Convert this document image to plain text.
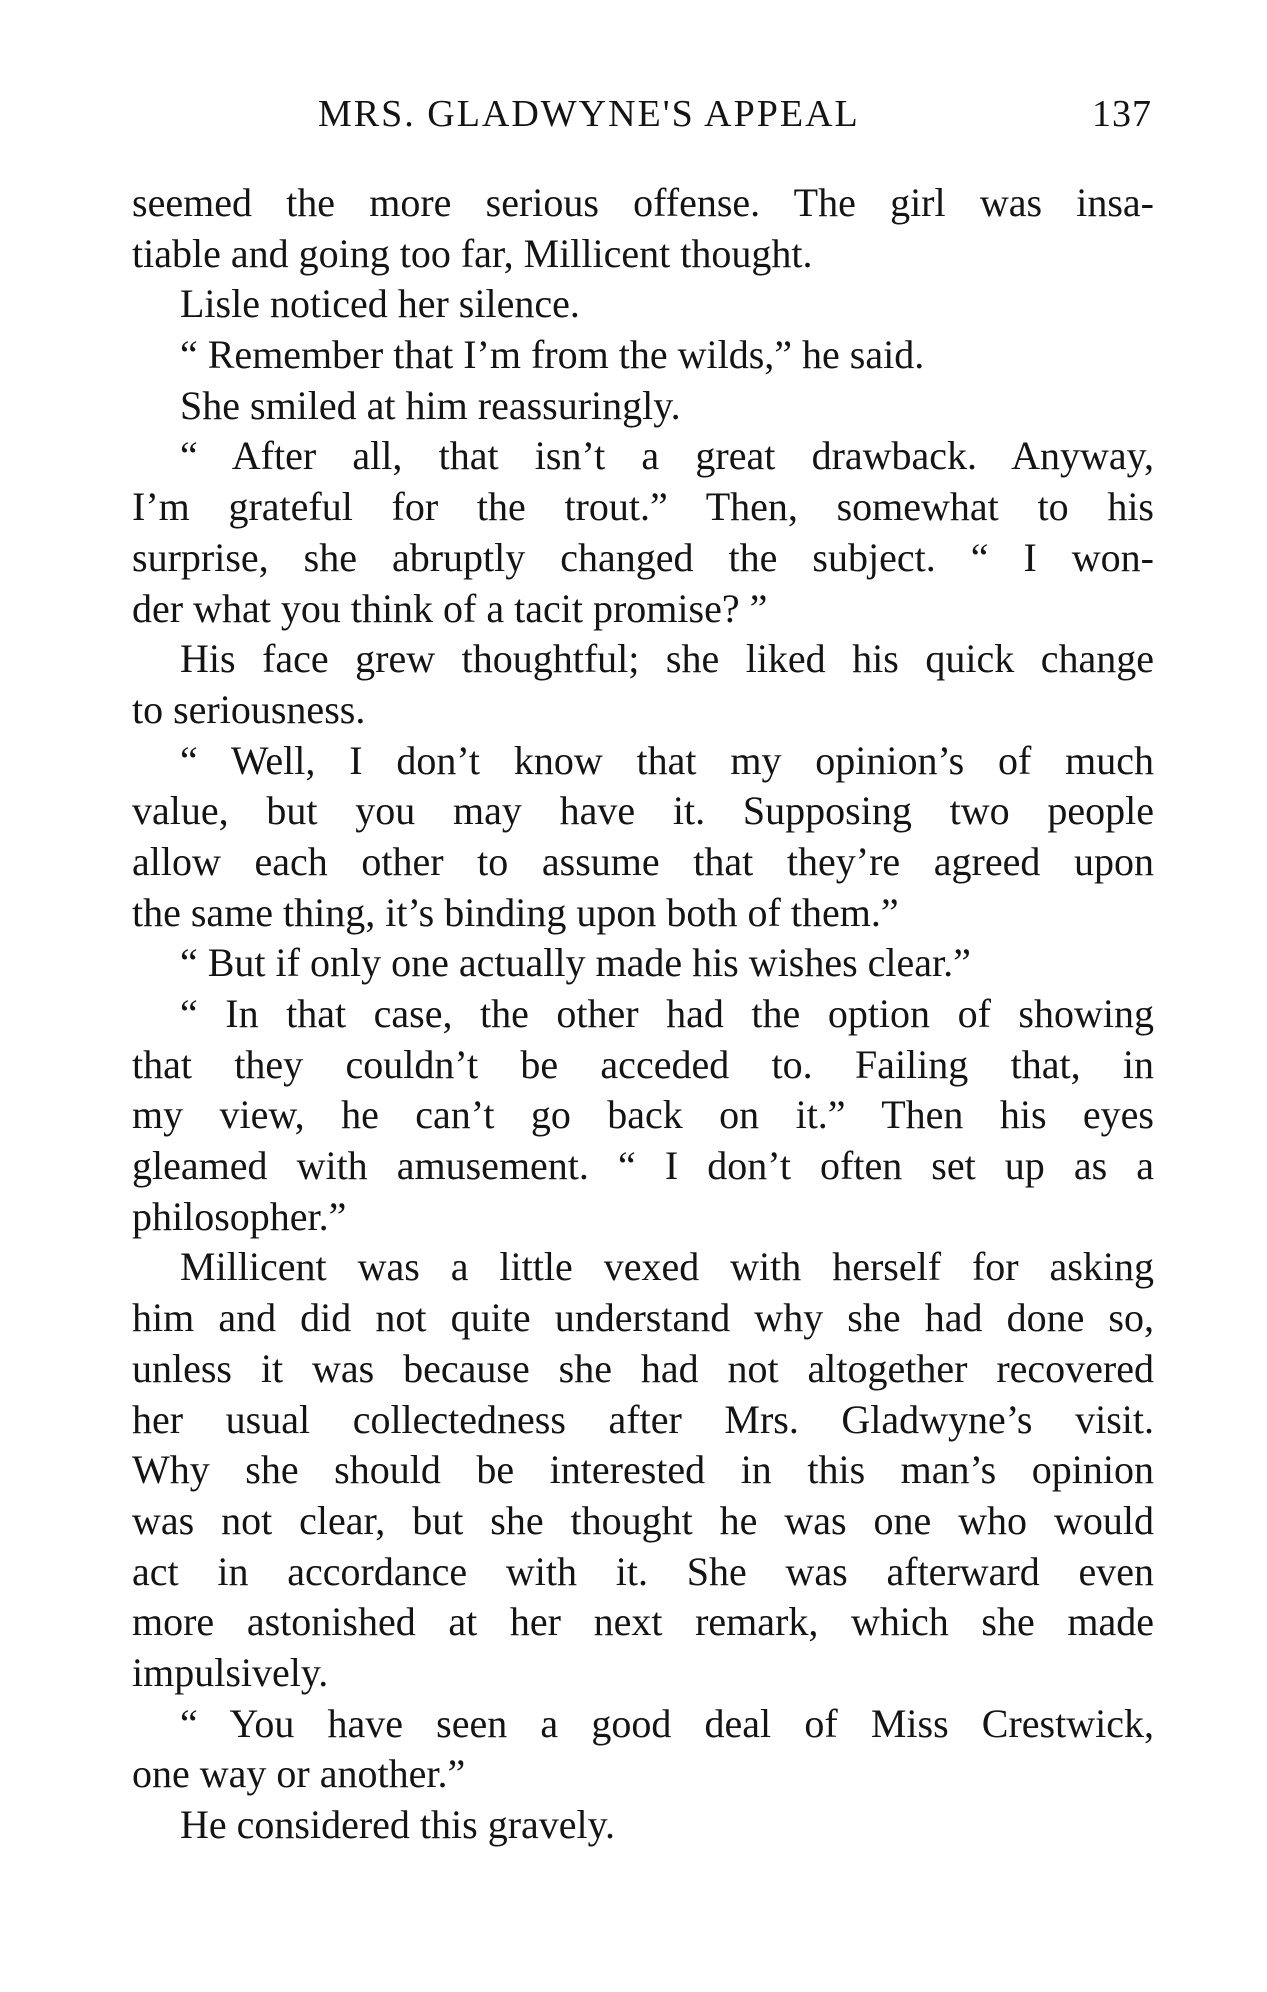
MRS. GLADWYNE'S APPEAL	137
seemed the more serious offense. The girl was insa-
tiable and going too far, Millicent thought.
Lisle noticed her silence.
“ Remember that I’m from the wilds,” he said.
She smiled at him reassuringly.
“ After all, that isn’t a great drawback. Anyway,
I’m grateful for the trout.” Then, somewhat to his
surprise, she abruptly changed the subject. “ I won-
der what you think of a tacit promise? ”
His face grew thoughtful; she liked his quick change
to seriousness.
“ Well, I don’t know that my opinion’s of much
value, but you may have it. Supposing two people
allow each other to assume that they’re agreed upon
the same thing, it’s binding upon both of them.”
“ But if only one actually made his wishes clear.”
“ In that case, the other had the option of showing
that they couldn’t be acceded to. Failing that, in
my view, he can’t go back on it.” Then his eyes
gleamed with amusement. “ I don’t often set up as a
philosopher.”
Millicent was a little vexed with herself for asking
him and did not quite understand why she had done so,
unless it was because she had not altogether recovered
her usual collectedness after Mrs. Gladwyne’s visit.
Why she should be interested in this man’s opinion
was not clear, but she thought he was one who would
act in accordance with it. She was afterward even
more astonished at her next remark, which she made
impulsively.
“ You have seen a good deal of Miss Crestwick,
one way or another.”
He considered this gravely.
